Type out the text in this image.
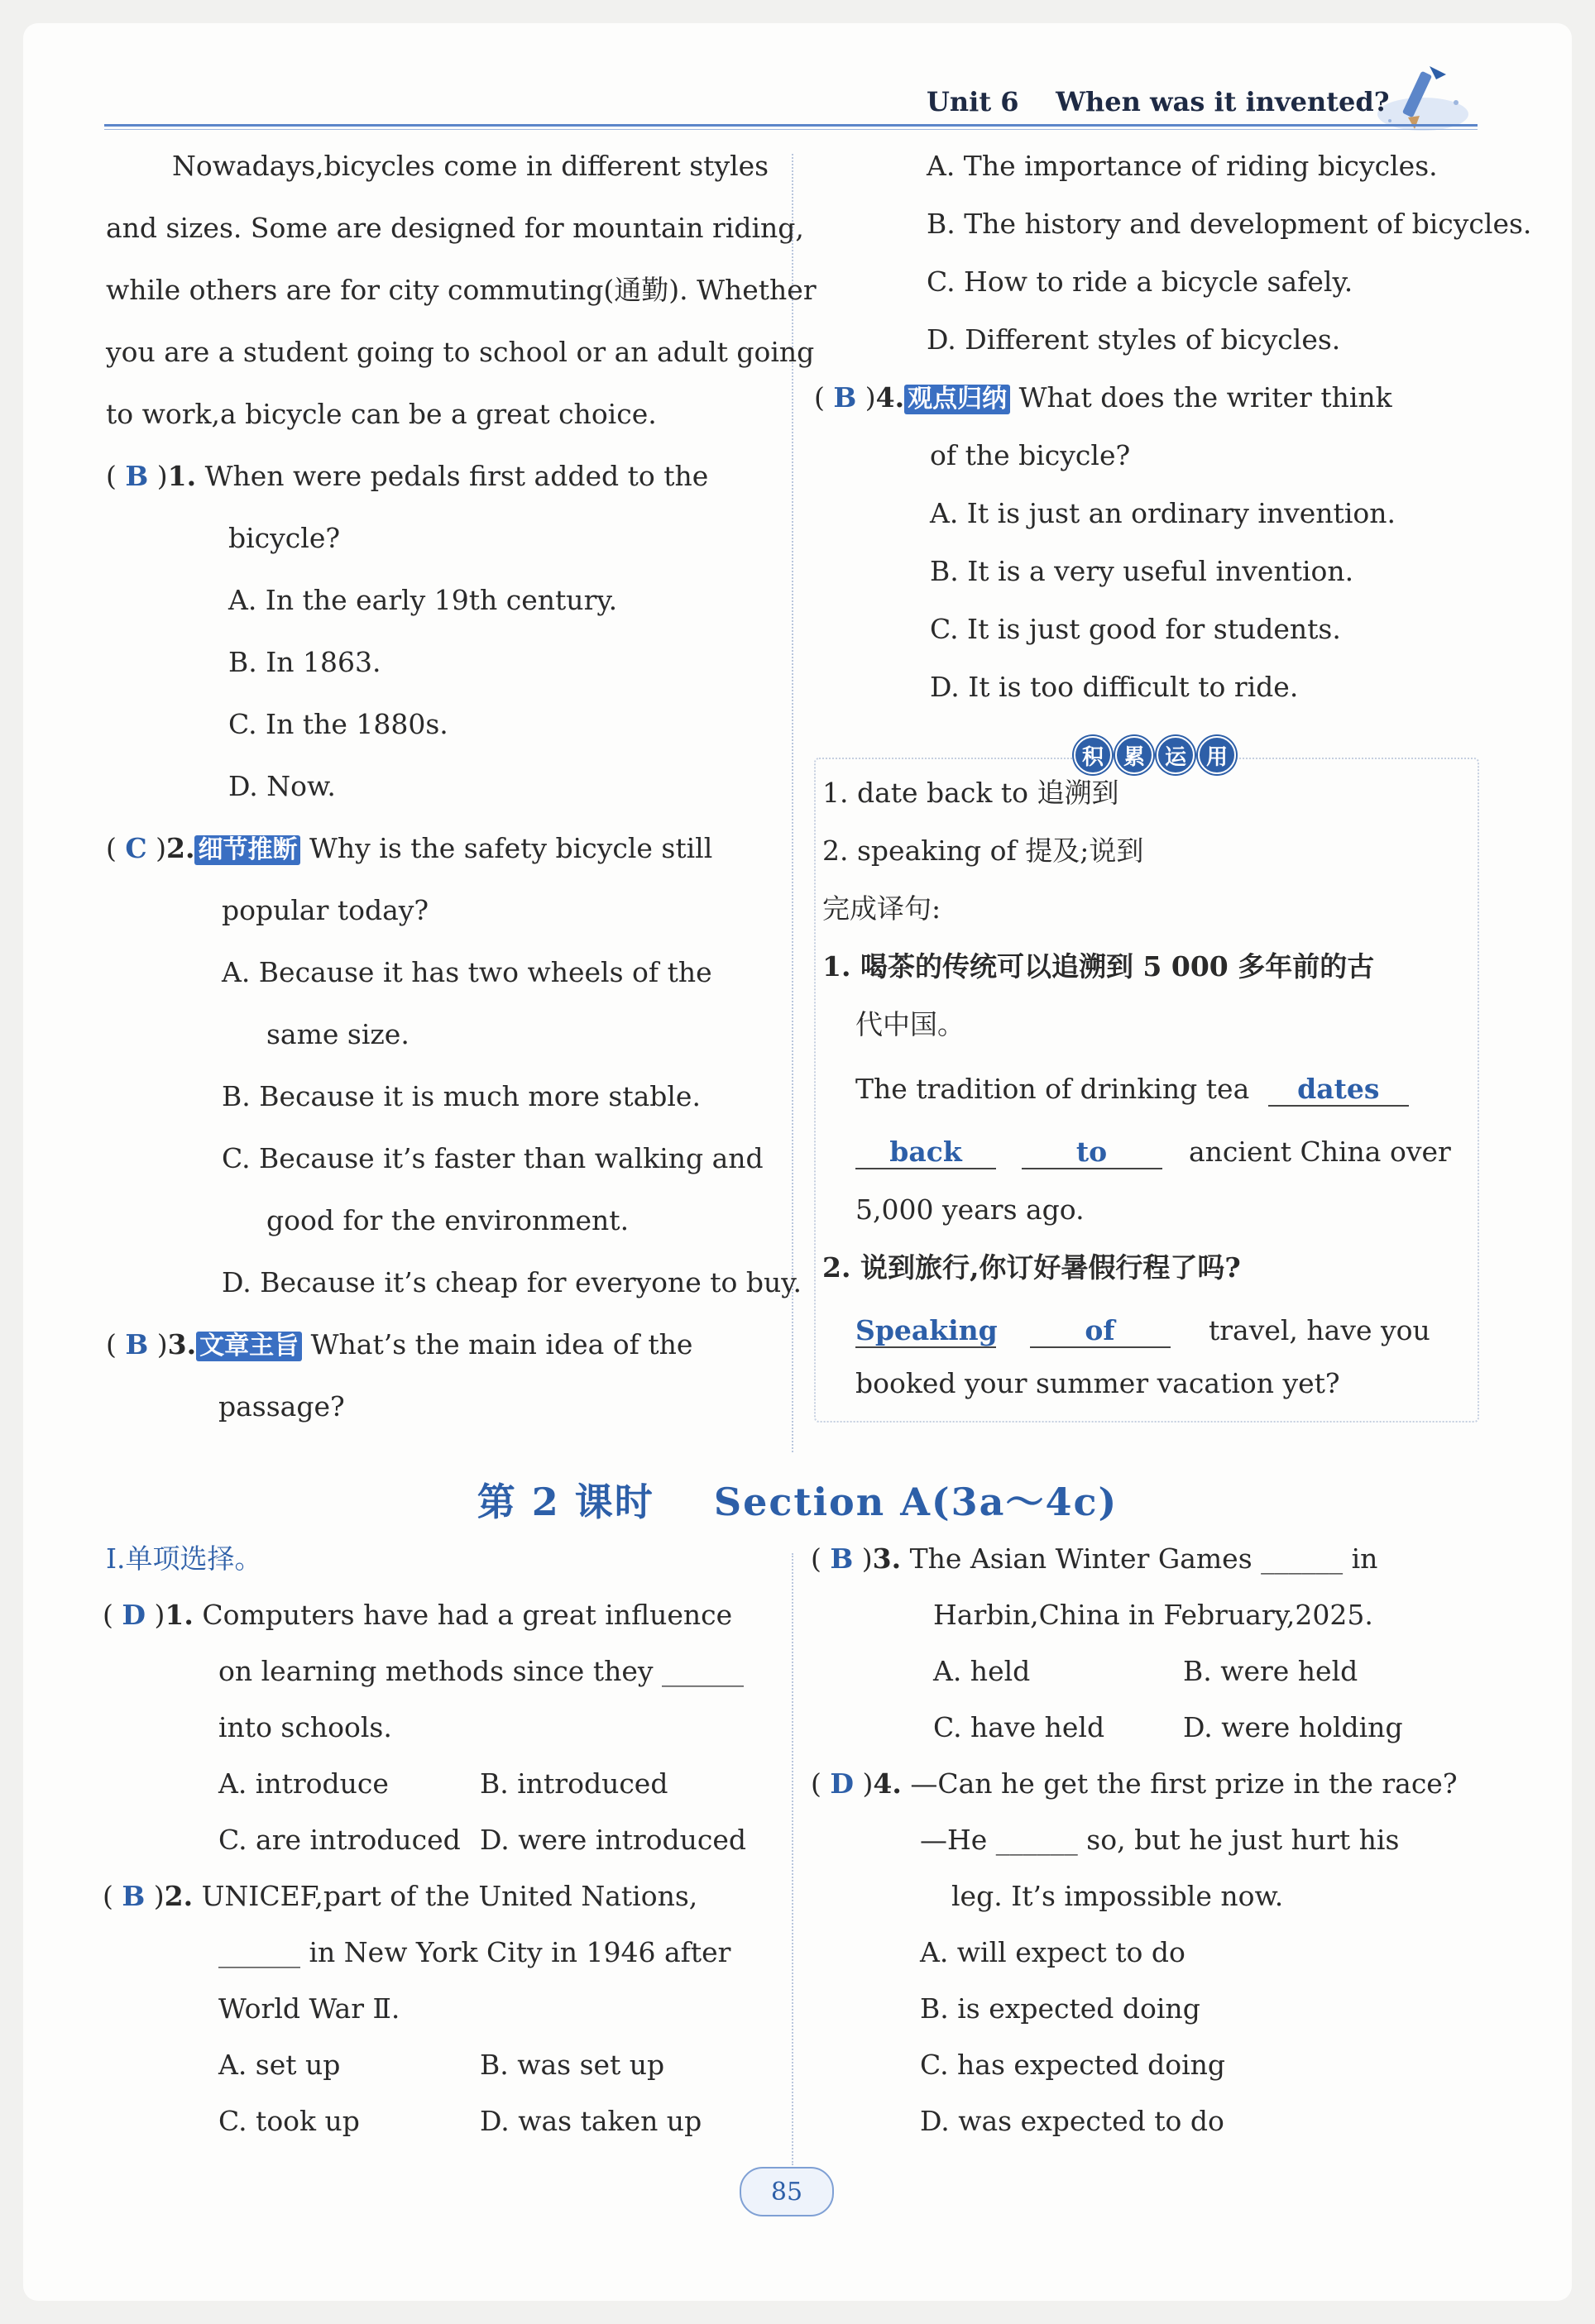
Unit 6 When was it invented?
Nowadays,bicycles come in different styles
and sizes. Some are designed for mountain riding,
while others are for city commuting(通勤). Whether
you are a student going to school or an adult going
to work,a bicycle can be a great choice.
( B )1. When were pedals first added to the
bicycle?
A. In the early 19th century.
B. In 1863.
C. In the 1880s.
D. Now.
( C )2. 细节推断 Why is the safety bicycle still
popular today?
A. Because it has two wheels of the
same size.
B. Because it is much more stable.
C. Because it’s faster than walking and
good for the environment.
D. Because it’s cheap for everyone to buy.
( B )3. 文章主旨 What’s the main idea of the
passage?
A. The importance of riding bicycles.
B. The history and development of bicycles.
C. How to ride a bicycle safely.
D. Different styles of bicycles.
( B )4. 观点归纳 What does the writer think
of the bicycle?
A. It is just an ordinary invention.
B. It is a very useful invention.
C. It is just good for students.
D. It is too difficult to ride.
积 累 运 用
1. date back to 追溯到
2. speaking of 提及;说到
完成译句:
1. 喝茶的传统可以追溯到 5 000 多年前的古
代中国。
The tradition of drinking tea dates
back	to	ancient China over
5,000 years ago.
2. 说到旅行,你订好暑假行程了吗?
Speaking	of	travel, have you
booked your summer vacation yet?
第 2 课时 Section A(3a～4c)
Ⅰ.单项选择。
( D )1. Computers have had a great influence
on learning methods since they ______
into schools.
A. introduce	B. introduced
C. are introduced D. were introduced
( B )2. UNICEF,part of the United Nations,
______ in New York City in 1946 after
World War Ⅱ.
A. set up	B. was set up
C. took up	D. was taken up
( B )3. The Asian Winter Games ______ in
Harbin,China in February,2025.
A. held	B. were held
C. have held	D. were holding
( D )4. —Can he get the first prize in the race?
—He ______ so, but he just hurt his
leg. It’s impossible now.
A. will expect to do
B. is expected doing
C. has expected doing
D. was expected to do
85
